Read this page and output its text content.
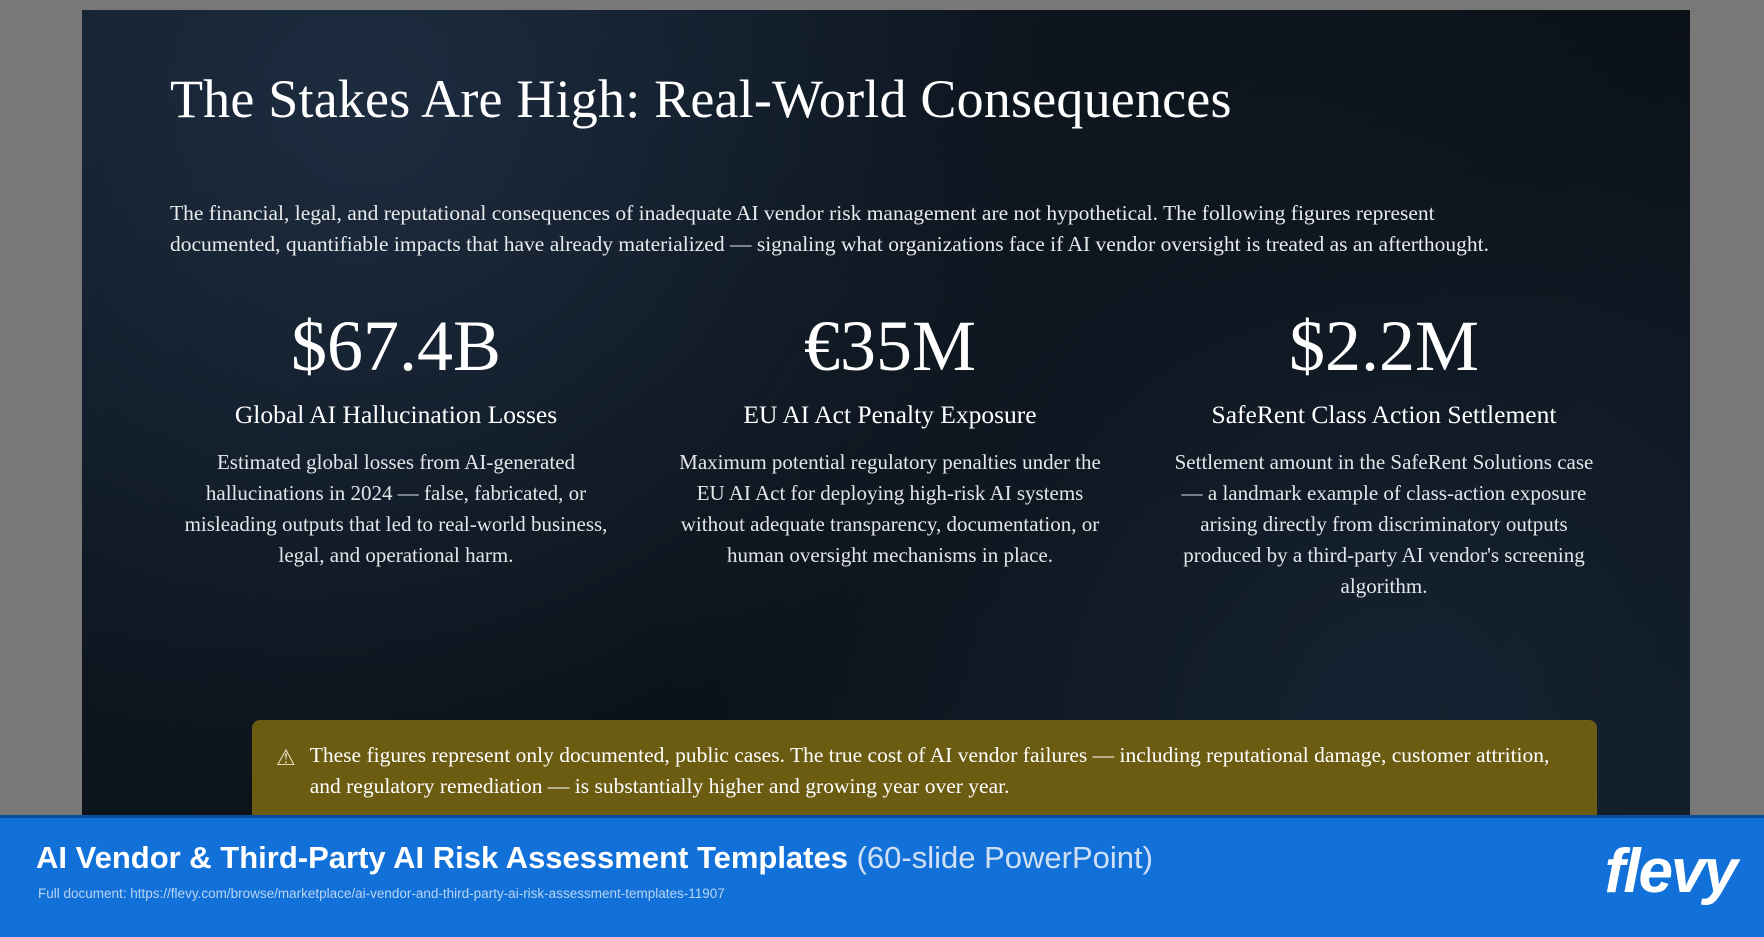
The Stakes Are High: Real-World Consequences
The financial, legal, and reputational consequences of inadequate AI vendor risk management are not hypothetical. The following figures represent documented, quantifiable impacts that have already materialized — signaling what organizations face if AI vendor oversight is treated as an afterthought.
$67.4B
Global AI Hallucination Losses
Estimated global losses from AI-generated hallucinations in 2024 — false, fabricated, or misleading outputs that led to real-world business, legal, and operational harm.
€35M
EU AI Act Penalty Exposure
Maximum potential regulatory penalties under the EU AI Act for deploying high-risk AI systems without adequate transparency, documentation, or human oversight mechanisms in place.
$2.2M
SafeRent Class Action Settlement
Settlement amount in the SafeRent Solutions case — a landmark example of class-action exposure arising directly from discriminatory outputs produced by a third-party AI vendor's screening algorithm.
⚠ These figures represent only documented, public cases. The true cost of AI vendor failures — including reputational damage, customer attrition, and regulatory remediation — is substantially higher and growing year over year.
AI Vendor & Third-Party AI Risk Assessment Templates (60-slide PowerPoint)
Full document: https://flevy.com/browse/marketplace/ai-vendor-and-third-party-ai-risk-assessment-templates-11907	flevy
